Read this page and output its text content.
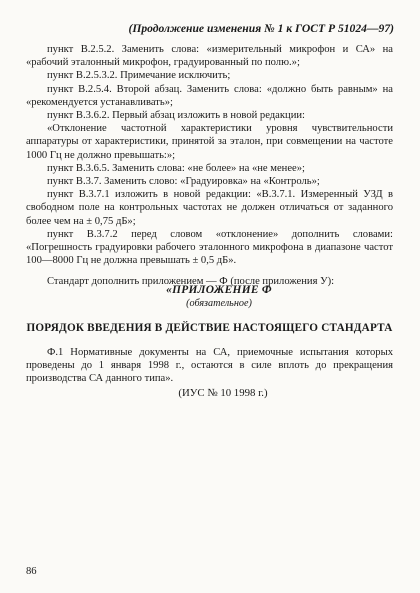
(Продолжение изменения № 1 к ГОСТ Р 51024—97)

пункт В.2.5.2. Заменить слова: «измерительный микрофон и СА» на «рабочий эталонный микрофон, градуированный по полю.»;

пункт В.2.5.3.2. Примечание исключить;

пункт В.2.5.4. Второй абзац. Заменить слова: «должно быть равным» на «рекомендуется устанавливать»;

пункт В.3.6.2. Первый абзац изложить в новой редакции:

«Отклонение частотной характеристики уровня чувствительности аппаратуры от характеристики, принятой за эталон, при совмещении на частоте 1000 Гц не должно превышать:»;

пункт В.3.6.5. Заменить слова: «не более» на «не менее»;

пункт В.3.7. Заменить слово: «Градуировка» на «Контроль»;

пункт В.3.7.1 изложить в новой редакции: «В.3.7.1. Измеренный УЗД в свободном поле на контрольных частотах не должен отличаться от заданного более чем на ± 0,75 дБ»;

пункт В.3.7.2 перед словом «отклонение» дополнить словами: «Погрешность градуировки рабочего эталонного микрофона в диапазоне частот 100—8000 Гц не должна превышать ± 0,5 дБ».

Стандарт дополнить приложением — Ф (после приложения У):

«ПРИЛОЖЕНИЕ Ф
(обязательное)
ПОРЯДОК ВВЕДЕНИЯ В ДЕЙСТВИЕ НАСТОЯЩЕГО СТАНДАРТА

Ф.1 Нормативные документы на СА, приемочные испытания которых проведены до 1 января 1998 г., остаются в силе вплоть до прекращения производства СА данного типа».

(ИУС № 10 1998 г.)
86
